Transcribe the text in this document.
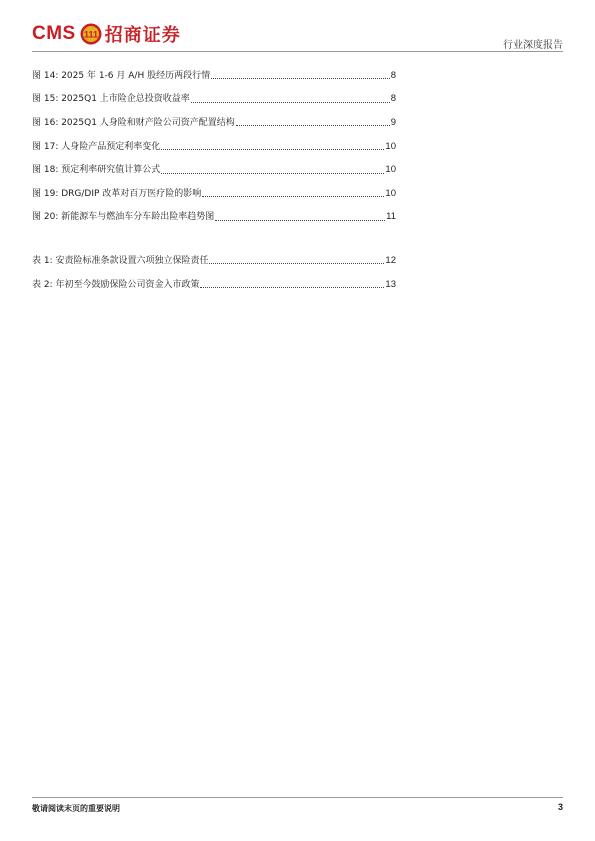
CMS 111 招商证券	行业深度报告
图 14: 2025 年 1-6 月 A/H 股经历两段行情	8
图 15: 2025Q1 上市险企总投资收益率	8
图 16: 2025Q1 人身险和财产险公司资产配置结构	9
图 17: 人身险产品预定利率变化	10
图 18: 预定利率研究值计算公式	10
图 19: DRG/DIP 改革对百万医疗险的影响	10
图 20: 新能源车与燃油车分车龄出险率趋势图	11
表 1: 安责险标准条款设置六项独立保险责任	12
表 2: 年初至今鼓励保险公司资金入市政策	13
敬请阅读末页的重要说明	3
